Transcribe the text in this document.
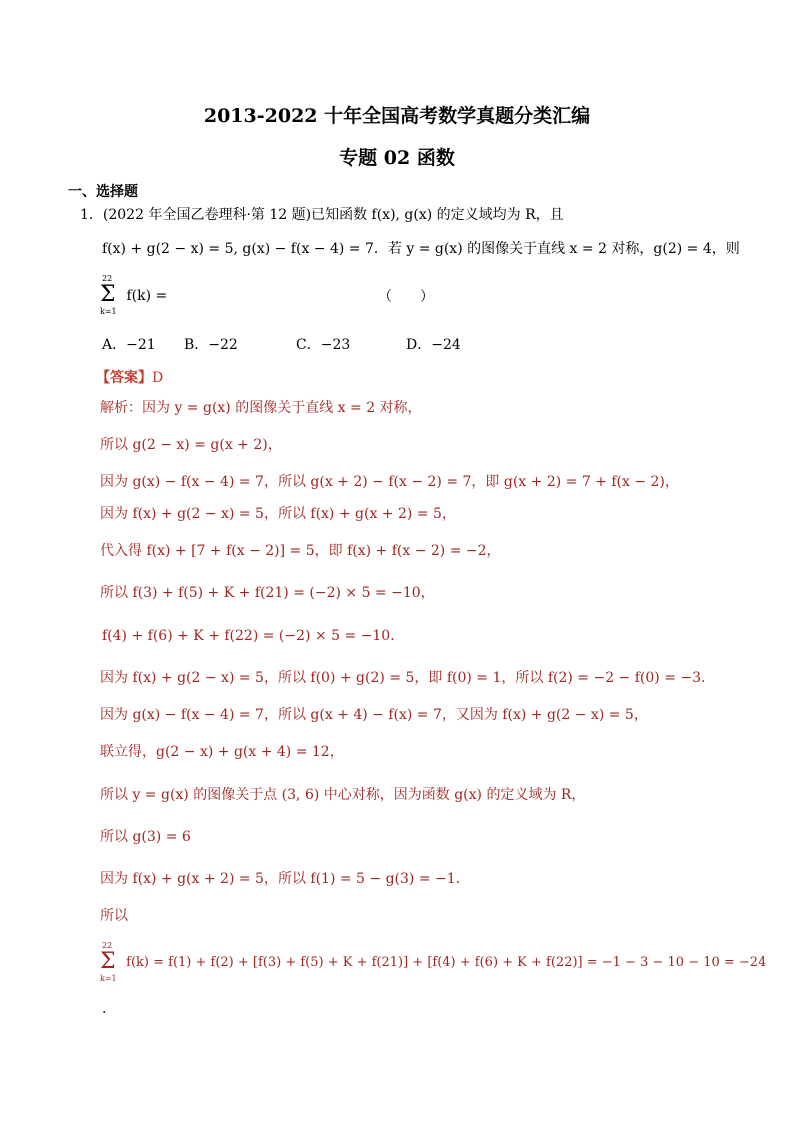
2013-2022 十年全国高考数学真题分类汇编
专题 02 函数
一、选择题
1．(2022 年全国乙卷理科·第 12 题)已知函数 f(x), g(x) 的定义域均为 R，且
f(x) + g(2 − x) = 5, g(x) − f(x − 4) = 7．若 y = g(x) 的图像关于直线 x = 2 对称，g(2) = 4，则
22
Σ
k=1
f(k) =	（　　）
A．−21 B．−22	C．−23	D．−24
【答案】D
解析：因为 y = g(x) 的图像关于直线 x = 2 对称，
所以 g(2 − x) = g(x + 2)，
因为 g(x) − f(x − 4) = 7，所以 g(x + 2) − f(x − 2) = 7，即 g(x + 2) = 7 + f(x − 2)，
因为 f(x) + g(2 − x) = 5，所以 f(x) + g(x + 2) = 5，
代入得 f(x) + [7 + f(x − 2)] = 5，即 f(x) + f(x − 2) = −2，
所以 f(3) + f(5) + K + f(21) = (−2) × 5 = −10，
f(4) + f(6) + K + f(22) = (−2) × 5 = −10．
因为 f(x) + g(2 − x) = 5，所以 f(0) + g(2) = 5，即 f(0) = 1，所以 f(2) = −2 − f(0) = −3．
因为 g(x) − f(x − 4) = 7，所以 g(x + 4) − f(x) = 7，又因为 f(x) + g(2 − x) = 5，
联立得，g(2 − x) + g(x + 4) = 12，
所以 y = g(x) 的图像关于点 (3, 6) 中心对称，因为函数 g(x) 的定义域为 R，
所以 g(3) = 6
因为 f(x) + g(x + 2) = 5，所以 f(1) = 5 − g(3) = −1．
所以
22
Σ
k=1
f(k) = f(1) + f(2) + [f(3) + f(5) + K + f(21)] + [f(4) + f(6) + K + f(22)] = −1 − 3 − 10 − 10 = −24
.
